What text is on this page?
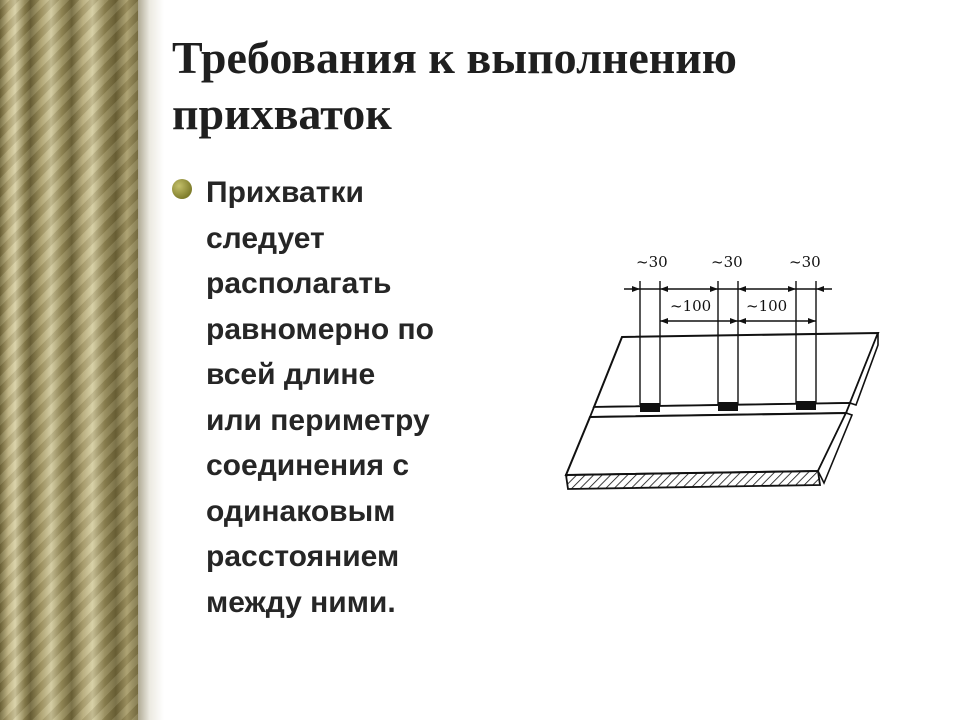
Требования к выполнению прихваток

Прихватки
следует
располагать
равномерно по
всей длине
или периметру
соединения с
одинаковым
расстоянием
между ними.

~30	~30	~30
~100 ~100
